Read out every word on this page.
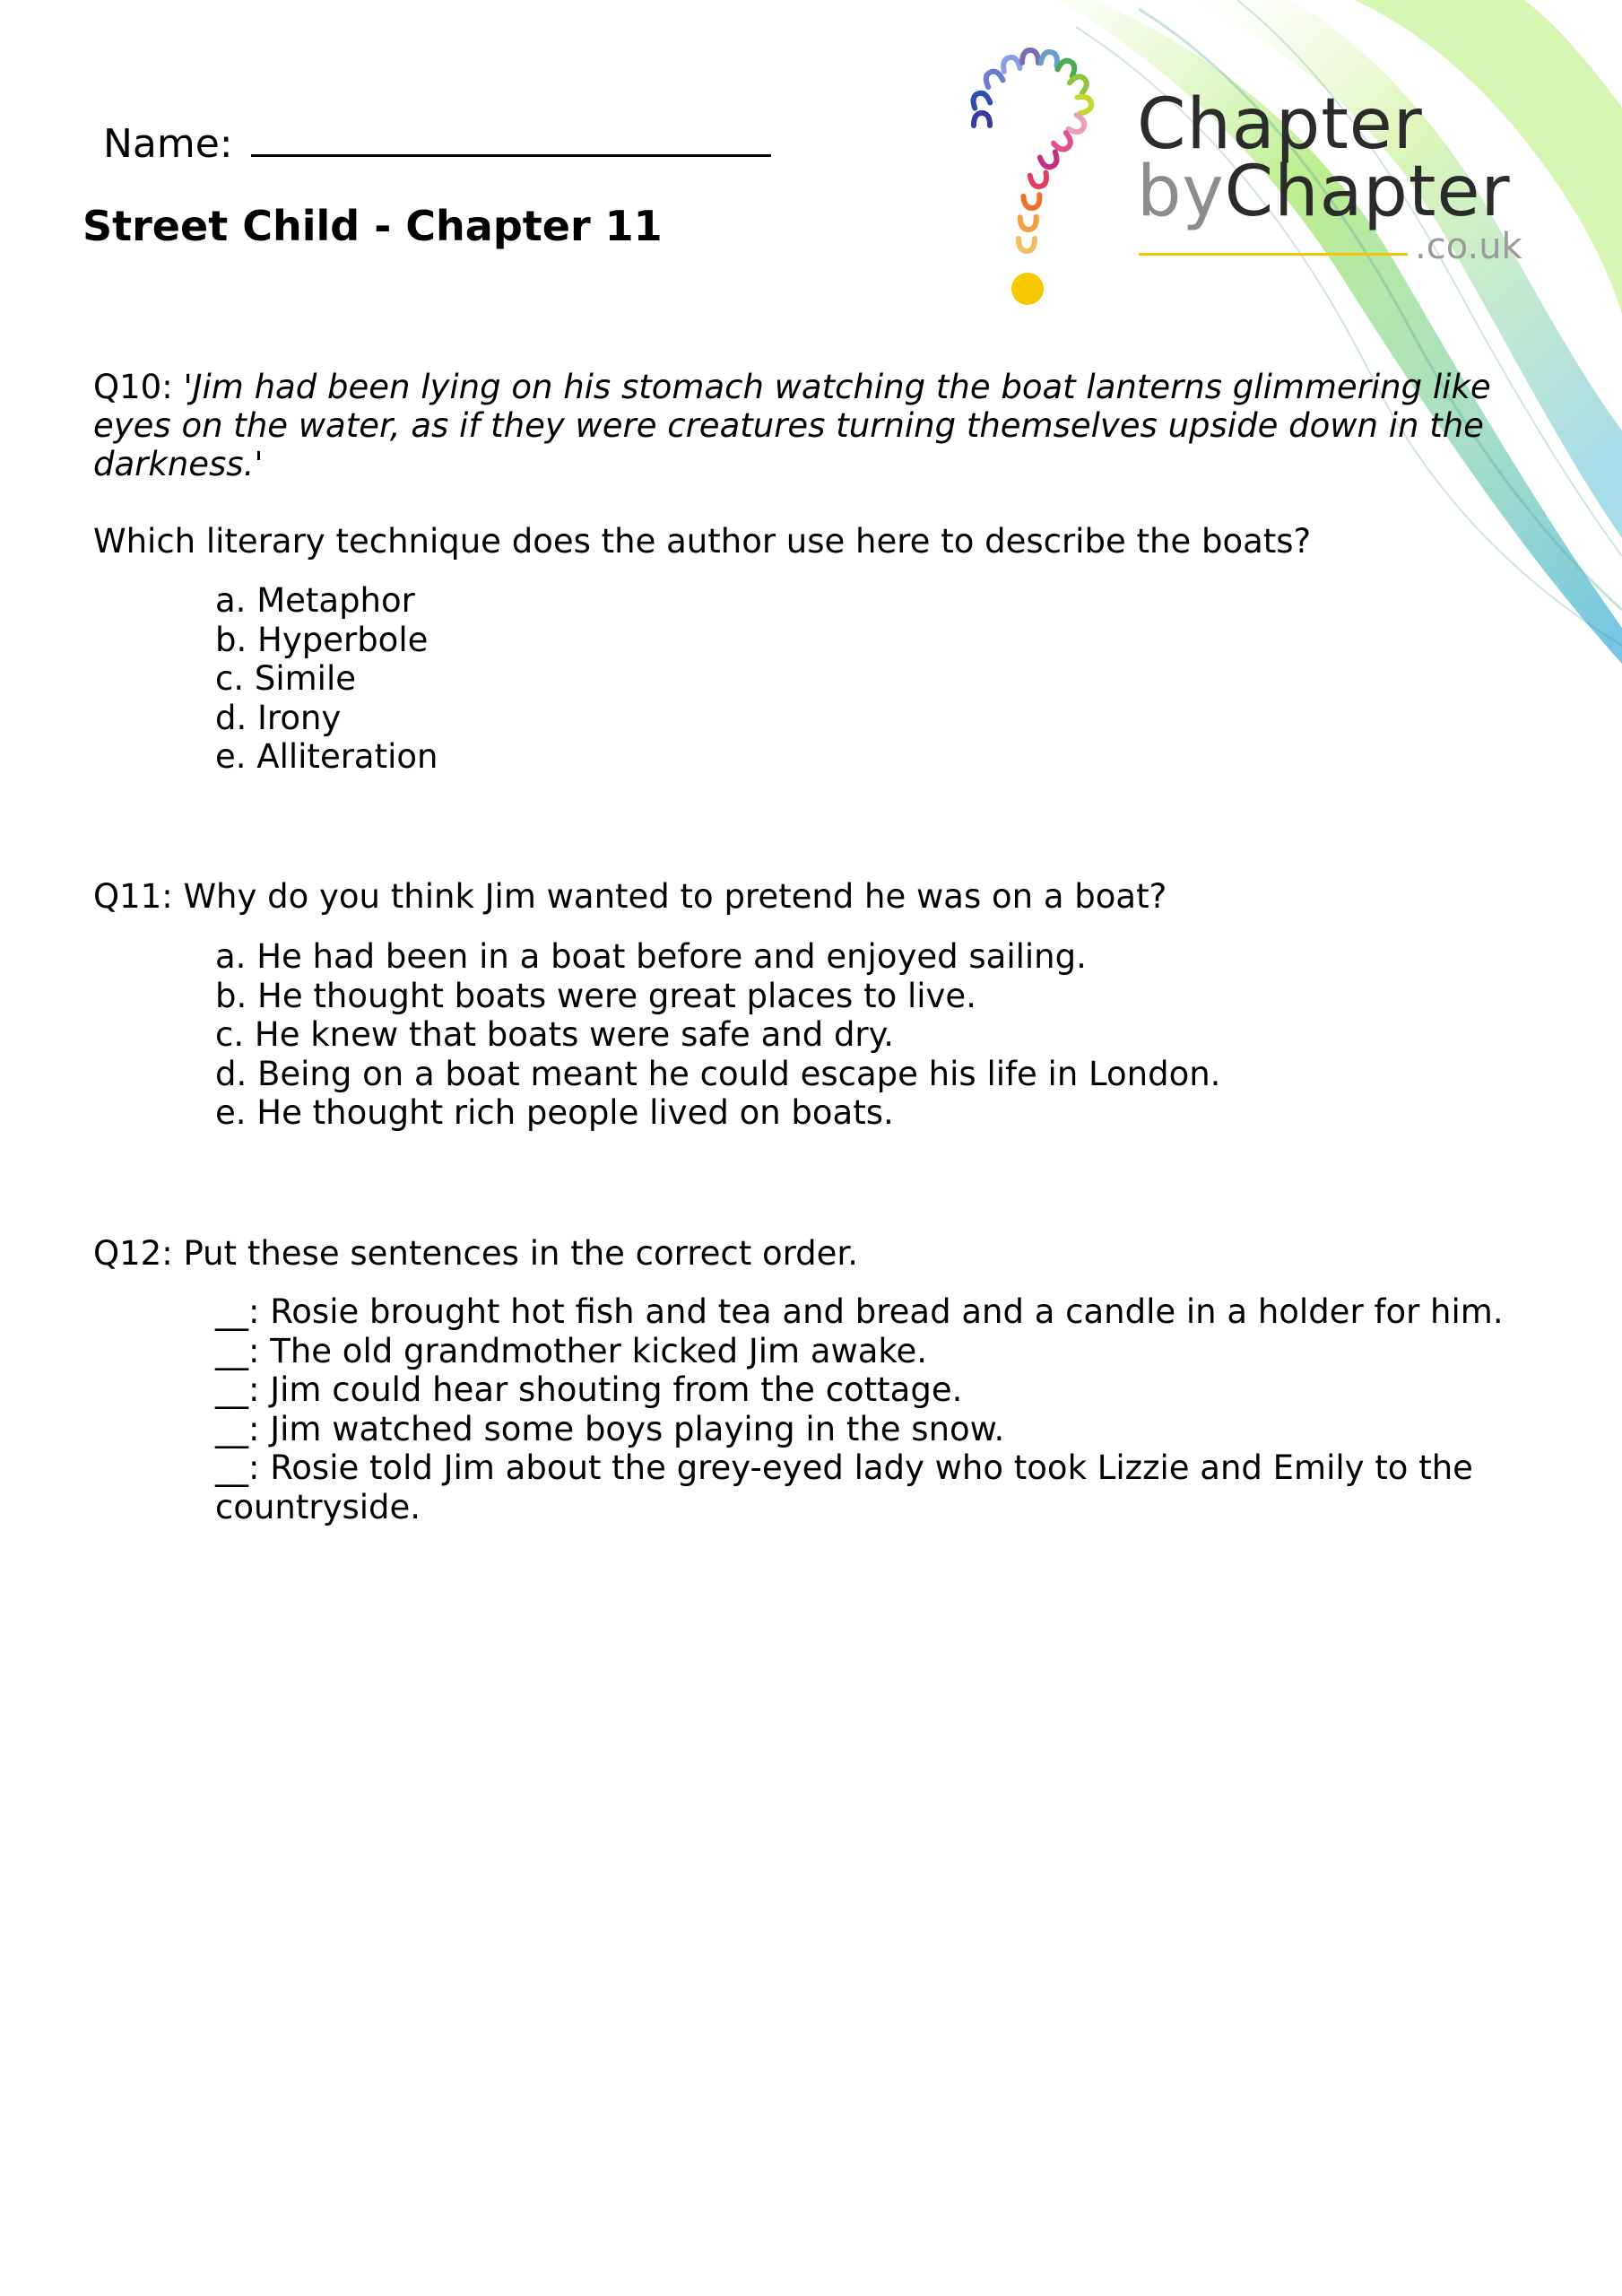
Chapter
byChapter
.co.uk
Name:
Street Child - Chapter 11
Q10: 'Jim had been lying on his stomach watching the boat lanterns glimmering like eyes on the water, as if they were creatures turning themselves upside down in the darkness.'
Which literary technique does the author use here to describe the boats?
a. Metaphor
b. Hyperbole
c. Simile
d. Irony
e. Alliteration
Q11: Why do you think Jim wanted to pretend he was on a boat?
a. He had been in a boat before and enjoyed sailing.
b. He thought boats were great places to live.
c. He knew that boats were safe and dry.
d. Being on a boat meant he could escape his life in London.
e. He thought rich people lived on boats.
Q12: Put these sentences in the correct order.
__: Rosie brought hot fish and tea and bread and a candle in a holder for him.
__: The old grandmother kicked Jim awake.
__: Jim could hear shouting from the cottage.
__: Jim watched some boys playing in the snow.
__: Rosie told Jim about the grey-eyed lady who took Lizzie and Emily to the countryside.
